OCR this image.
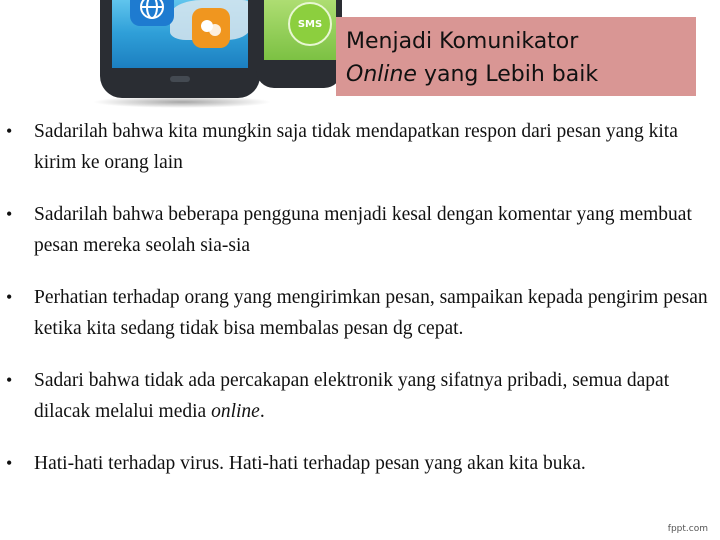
SMS
Menjadi Komunikator
Online yang Lebih baik
• Sadarilah bahwa kita mungkin saja tidak mendapatkan respon dari pesan yang kita kirim ke orang lain
• Sadarilah bahwa beberapa pengguna menjadi kesal dengan komentar yang membuat pesan mereka seolah sia-sia
• Perhatian terhadap orang yang mengirimkan pesan, sampaikan kepada pengirim pesan ketika kita sedang tidak bisa membalas pesan dg cepat.
• Sadari bahwa tidak ada percakapan elektronik yang sifatnya pribadi, semua dapat dilacak melalui media online.
• Hati-hati terhadap virus. Hati-hati terhadap pesan yang akan kita buka.
fppt.com
